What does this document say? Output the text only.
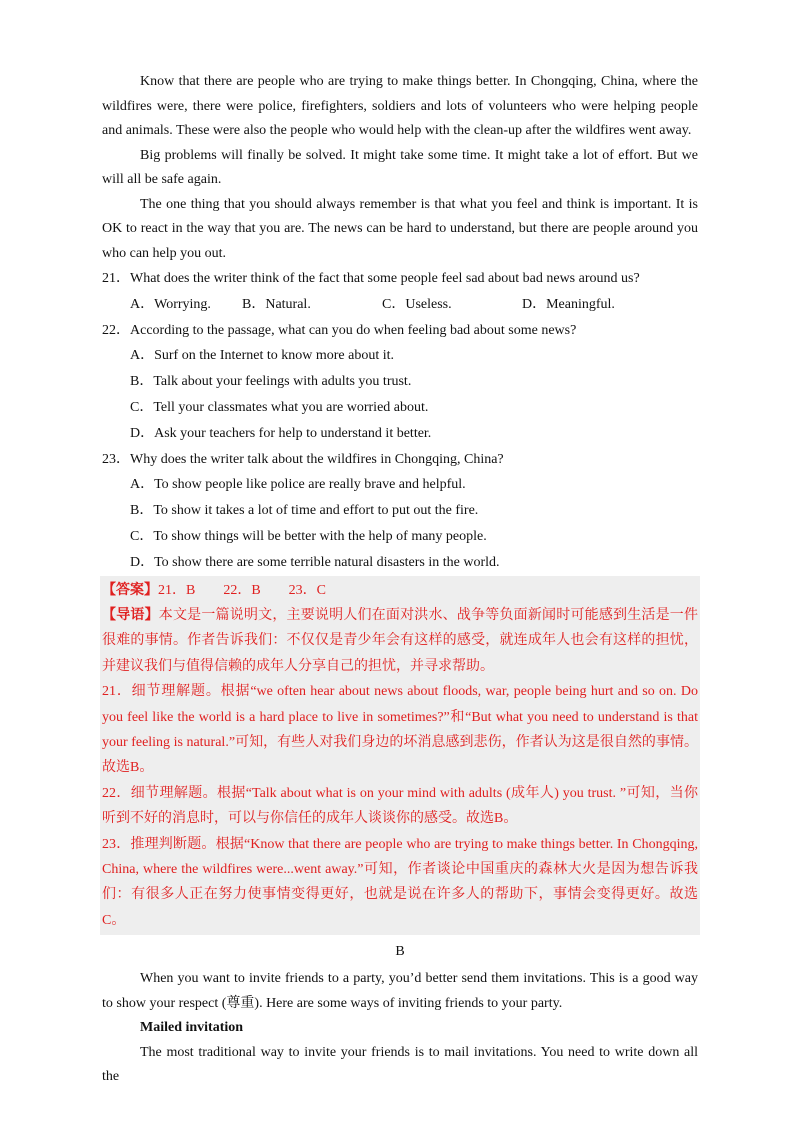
Know that there are people who are trying to make things better. In Chongqing, China, where the wildfires were, there were police, firefighters, soldiers and lots of volunteers who were helping people and animals. These were also the people who would help with the clean-up after the wildfires went away.

Big problems will finally be solved. It might take some time. It might take a lot of effort. But we will all be safe again.

The one thing that you should always remember is that what you feel and think is important. It is OK to react in the way that you are. The news can be hard to understand, but there are people around you who can help you out.

21．What does the writer think of the fact that some people feel sad about bad news around us?

A．Worrying.	B．Natural.	C．Useless.	D．Meaningful.

22．According to the passage, what can you do when feeling bad about some news?

A．Surf on the Internet to know more about it.
B．Talk about your feelings with adults you trust.
C．Tell your classmates what you are worried about.
D．Ask your teachers for help to understand it better.

23．Why does the writer talk about the wildfires in Chongqing, China?

A．To show people like police are really brave and helpful.
B．To show it takes a lot of time and effort to put out the fire.
C．To show things will be better with the help of many people.
D．To show there are some terrible natural disasters in the world.

【答案】21．B　　22．B　　23．C

【导语】本文是一篇说明文，主要说明人们在面对洪水、战争等负面新闻时可能感到生活是一件很难的事情。作者告诉我们：不仅仅是青少年会有这样的感受，就连成年人也会有这样的担忧，并建议我们与值得信赖的成年人分享自己的担忧，并寻求帮助。

21．细节理解题。根据“we often hear about news about floods, war, people being hurt and so on. Do you feel like the world is a hard place to live in sometimes?”和“But what you need to understand is that your feeling is natural.”可知，有些人对我们身边的坏消息感到悲伤，作者认为这是很自然的事情。故选B。

22．细节理解题。根据“Talk about what is on your mind with adults (成年人) you trust. ”可知，当你听到不好的消息时，可以与你信任的成年人谈谈你的感受。故选B。

23．推理判断题。根据“Know that there are people who are trying to make things better. In Chongqing, China, where the wildfires were...went away.”可知，作者谈论中国重庆的森林大火是因为想告诉我们：有很多人正在努力使事情变得更好，也就是说在许多人的帮助下，事情会变得更好。故选C。

B

When you want to invite friends to a party, you’d better send them invitations. This is a good way to show your respect (尊重). Here are some ways of inviting friends to your party.

Mailed invitation

The most traditional way to invite your friends is to mail invitations. You need to write down all the
